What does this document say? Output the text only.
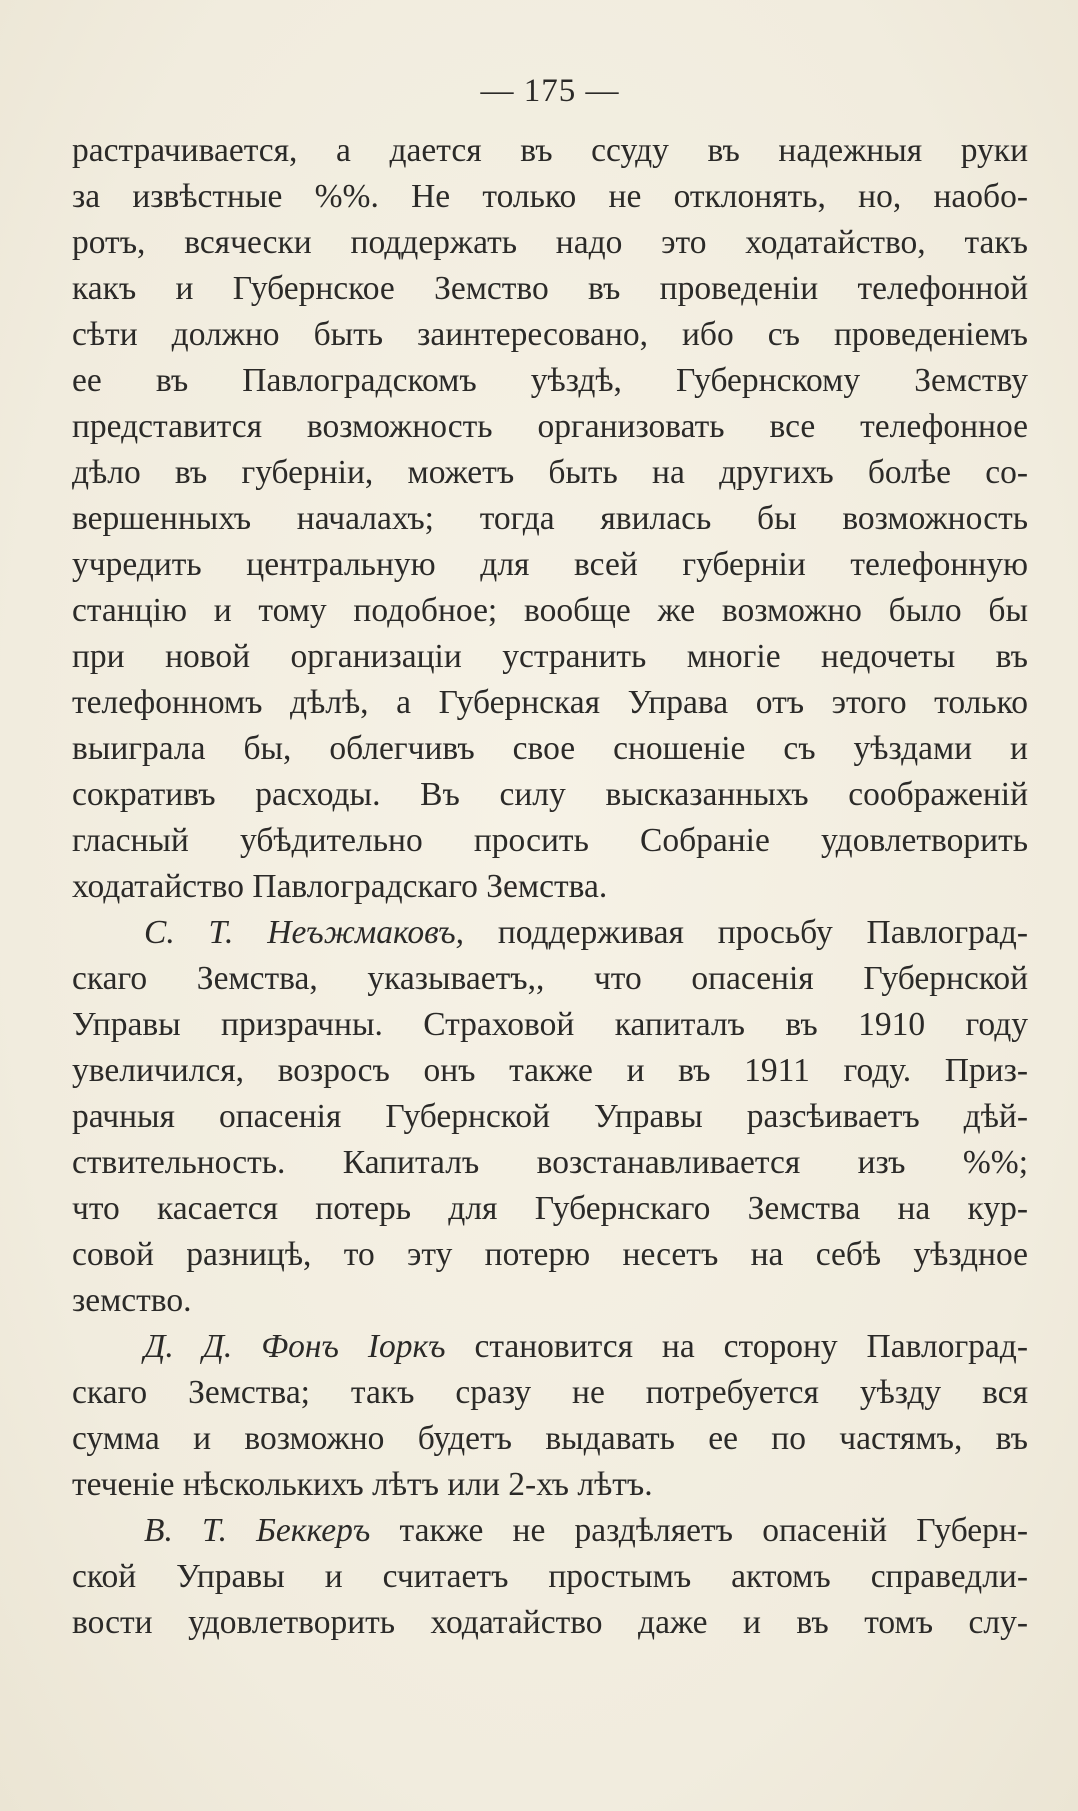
— 175 —
растрачивается, а дается въ ссуду въ надежныя руки
за извѣстные %%. Не только не отклонять, но, наобо-
ротъ, всячески поддержать надо это ходатайство, такъ
какъ и Губернское Земство въ проведенiи телефонной
сѣти должно быть заинтересовано, ибо съ проведенiемъ
ее въ Павлоградскомъ уѣздѣ, Губернскому Земству
представится возможность организовать все телефонное
дѣло въ губернiи, можетъ быть на другихъ болѣе со-
вершенныхъ началахъ; тогда явилась бы возможность
учредить центральную для всей губернiи телефонную
станцiю и тому подобное; вообще же возможно было бы
при новой организацiи устранить многiе недочеты въ
телефонномъ дѣлѣ, а Губернская Управа отъ этого только
выиграла бы, облегчивъ свое сношенiе съ уѣздами и
сокративъ расходы. Въ силу высказанныхъ соображенiй
гласный убѣдительно просить Собранiе удовлетворить
ходатайство Павлоградскаго Земства.
С. Т. Неъжмаковъ, поддерживая просьбу Павлоград-
скаго Земства, указываетъ,, что опасенiя Губернской
Управы призрачны. Страховой капиталъ въ 1910 году
увеличился, возросъ онъ также и въ 1911 году. Приз-
рачныя опасенiя Губернской Управы разсѣиваетъ дѣй-
ствительность. Капиталъ возстанавливается изъ %%;
что касается потерь для Губернскаго Земства на кур-
совой разницѣ, то эту потерю несетъ на себѣ уѣздное
земство.
Д. Д. Фонъ Iоркъ становится на сторону Павлоград-
скаго Земства; такъ сразу не потребуется уѣзду вся
сумма и возможно будетъ выдавать ее по частямъ, въ
теченiе нѣсколькихъ лѣтъ или 2-хъ лѣтъ.
В. Т. Беккеръ также не раздѣляетъ опасенiй Губерн-
ской Управы и считаетъ простымъ актомъ справедли-
вости удовлетворить ходатайство даже и въ томъ слу-
